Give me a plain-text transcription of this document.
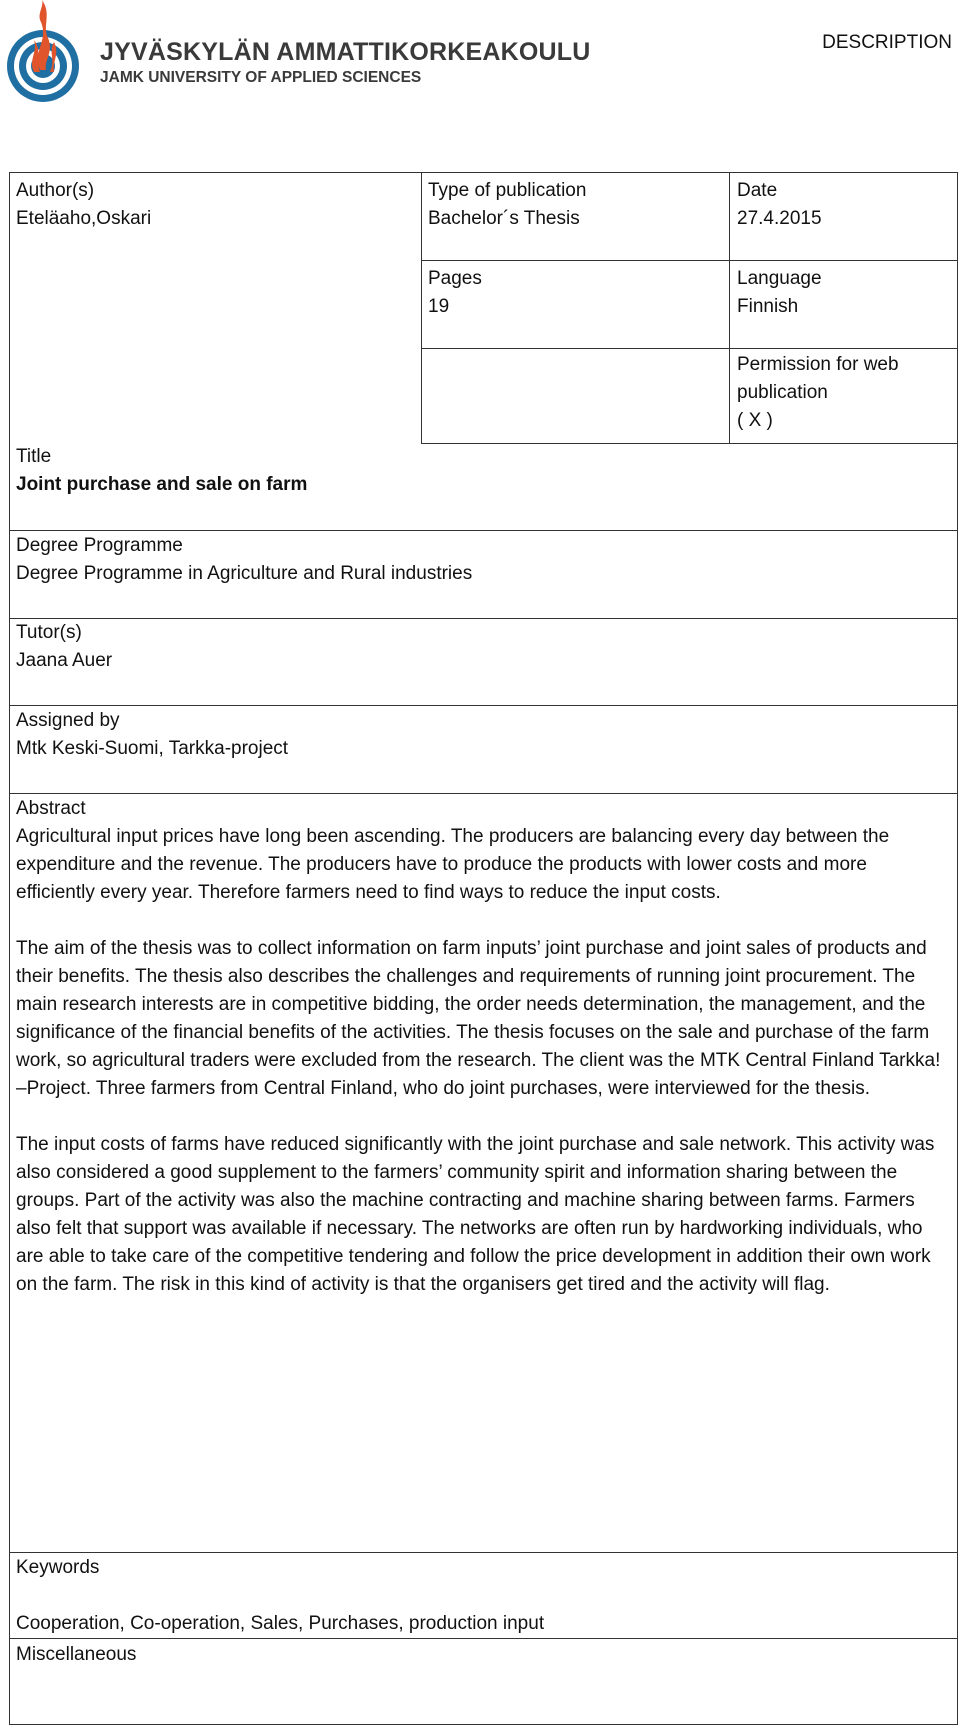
JYVÄSKYLÄN AMMATTIKORKEAKOULU
JAMK UNIVERSITY OF APPLIED SCIENCES
DESCRIPTION
Author(s)
Eteläaho,Oskari
Type of publication
Bachelor´s Thesis
Date
27.4.2015
Pages
19
Language
Finnish
Permission for web
publication
( X )
Title
Joint purchase and sale on farm
Degree Programme
Degree Programme in Agriculture and Rural industries
Tutor(s)
Jaana Auer
Assigned by
Mtk Keski-Suomi, Tarkka-project
Abstract

Agricultural input prices have long been ascending. The producers are balancing every day between the expenditure and the revenue. The producers have to produce the products with lower costs and more efficiently every year. Therefore farmers need to find ways to reduce the input costs.

The aim of the thesis was to collect information on farm inputs’ joint purchase and joint sales of products and their benefits. The thesis also describes the challenges and requirements of running joint procurement. The main research interests are in competitive bidding, the order needs determination, the management, and the significance of the financial benefits of the activities. The thesis focuses on the sale and purchase of the farm work, so agricultural traders were excluded from the research. The client was the MTK Central Finland Tarkka! –Project. Three farmers from Central Finland, who do joint purchases, were interviewed for the thesis.

The input costs of farms have reduced significantly with the joint purchase and sale network. This activity was also considered a good supplement to the farmers’ community spirit and information sharing between the groups. Part of the activity was also the machine contracting and machine sharing between farms. Farmers also felt that support was available if necessary. The networks are often run by hardworking individuals, who are able to take care of the competitive tendering and follow the price development in addition their own work on the farm. The risk in this kind of activity is that the organisers get tired and the activity will flag.

Keywords
Cooperation, Co-operation, Sales, Purchases, production input
Miscellaneous
